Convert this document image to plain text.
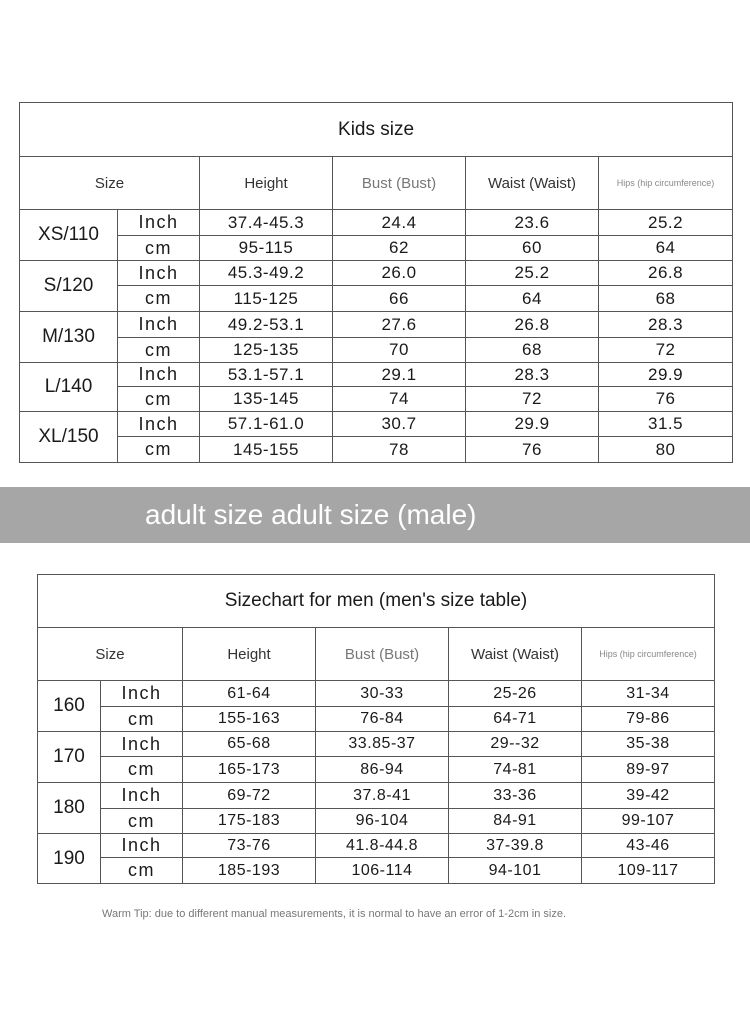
Kids size					
Size		Height	Bust (Bust)	Waist (Waist)	Hips (hip circumference)
XS/110	Inch	37.4-45.3	24.4	23.6	25.2
	cm	95-115	62	60	64
S/120	Inch	45.3-49.2	26.0	25.2	26.8
	cm	115-125	66	64	68
M/130	Inch	49.2-53.1	27.6	26.8	28.3
	cm	125-135	70	68	72
L/140	Inch	53.1-57.1	29.1	28.3	29.9
	cm	135-145	74	72	76
XL/150	Inch	57.1-61.0	30.7	29.9	31.5
	cm	145-155	78	76	80
adult size adult size (male)
Sizechart for men (men's size table)					
Size		Height	Bust (Bust)	Waist (Waist)	Hips (hip circumference)
160	Inch	61-64	30-33	25-26	31-34
	cm	155-163	76-84	64-71	79-86
170	Inch	65-68	33.85-37	29--32	35-38
	cm	165-173	86-94	74-81	89-97
180	Inch	69-72	37.8-41	33-36	39-42
	cm	175-183	96-104	84-91	99-107
190	Inch	73-76	41.8-44.8	37-39.8	43-46
	cm	185-193	106-114	94-101	109-117
Warm Tip: due to different manual measurements, it is normal to have an error of 1-2cm in size.
